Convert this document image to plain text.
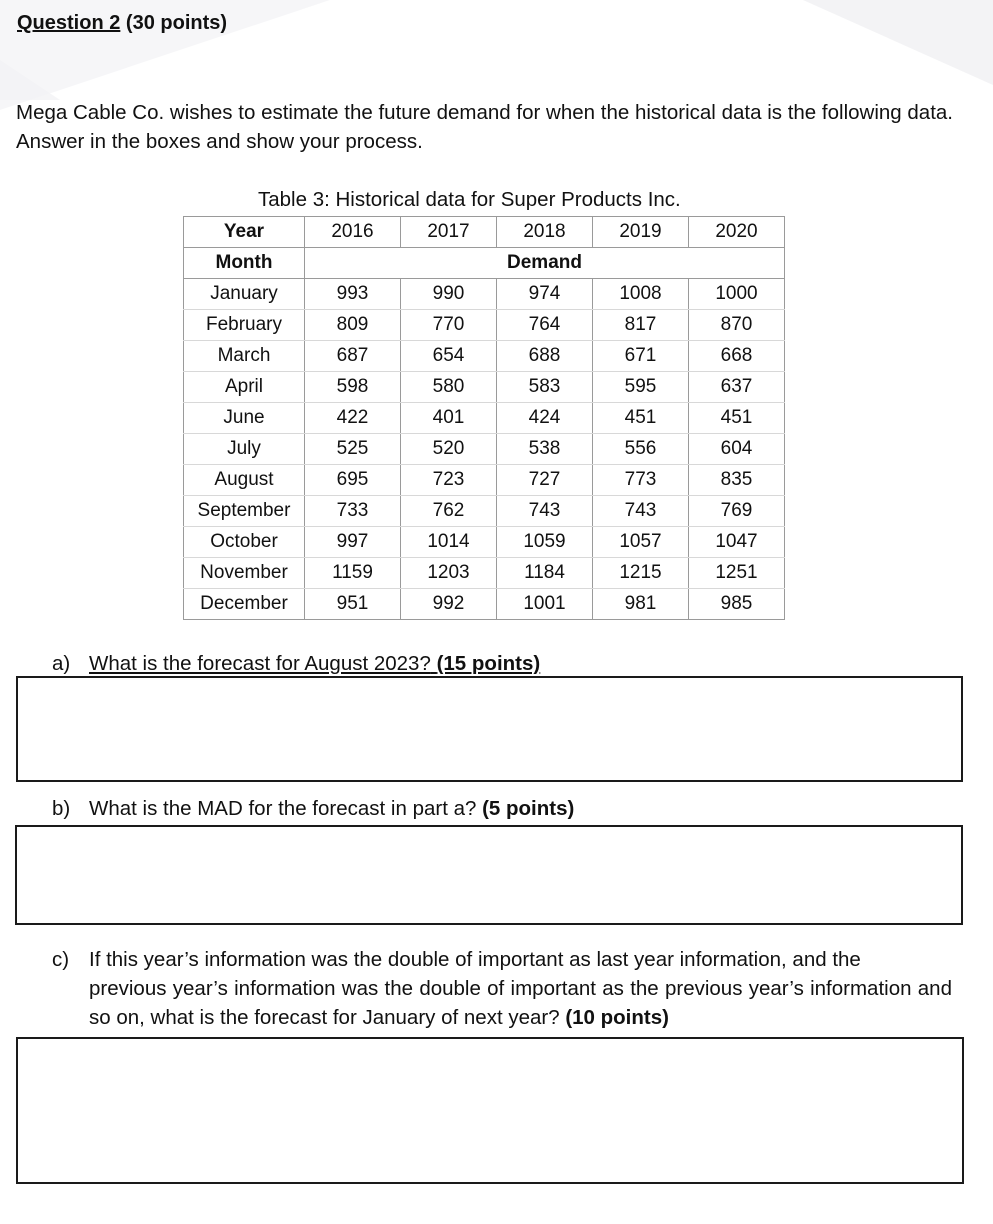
Question 2 (30 points)
Mega Cable Co. wishes to estimate the future demand for when the historical data is the following data. Answer in the boxes and show your process.
Table 3: Historical data for Super Products Inc.
Year	2016	2017	2018	2019	2020
Month	Demand				
January	993	990	974	1008	1000
February	809	770	764	817	870
March	687	654	688	671	668
April	598	580	583	595	637
June	422	401	424	451	451
July	525	520	538	556	604
August	695	723	727	773	835
September	733	762	743	743	769
October	997	1014	1059	1057	1047
November	1159	1203	1184	1215	1251
December	951	992	1001	981	985
a) What is the forecast for August 2023? (15 points)
b) What is the MAD for the forecast in part a? (5 points)
c) If this year’s information was the double of important as last year information, and the
previous year’s information was the double of important as the previous year’s information and so on, what is the forecast for January of next year? (10 points)
